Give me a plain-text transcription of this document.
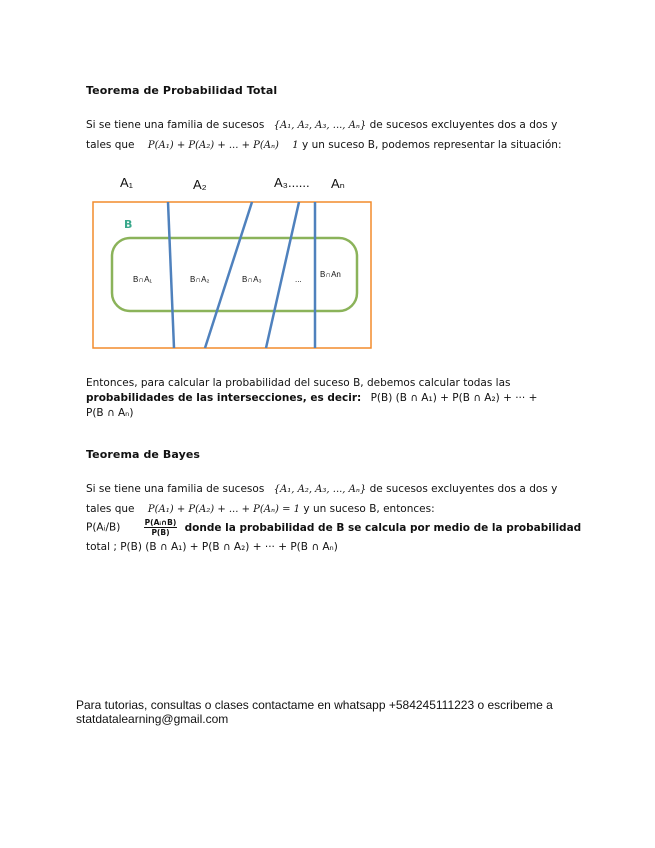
Teorema de Probabilidad Total
Si se tiene una familia de sucesos {A₁, A₂, A₃, ..., Aₙ} de sucesos excluyentes dos a dos y
tales que P(A₁) + P(A₂) + ... + P(Aₙ) 1 y un suceso B, podemos representar la situación:
A₁	A₂	A₃...... Aₙ
B
B∩A₁	B∩A₂	B∩A₃	...
B∩An
Entonces, para calcular la probabilidad del suceso B, debemos calcular todas las
probabilidades de las intersecciones, es decir: P(B) (B ∩ A₁) + P(B ∩ A₂) + ··· +
P(B ∩ Aₙ)
Teorema de Bayes
Si se tiene una familia de sucesos {A₁, A₂, A₃, ..., Aₙ} de sucesos excluyentes dos a dos y
tales que P(A₁) + P(A₂) + ... + P(Aₙ) = 1 y un suceso B, entonces:
P(Aᵢ/B)	$\frac{\text{P(Aᵢ∩B)}}{P(B)}$ donde la probabilidad de B se calcula por medio de la probabilidad
total ; P(B) (B ∩ A₁) + P(B ∩ A₂) + ··· + P(B ∩ Aₙ)
Para tutorias, consultas o clases contactame en whatsapp +584245111223 o escribeme a
statdatalearning@gmail.com
